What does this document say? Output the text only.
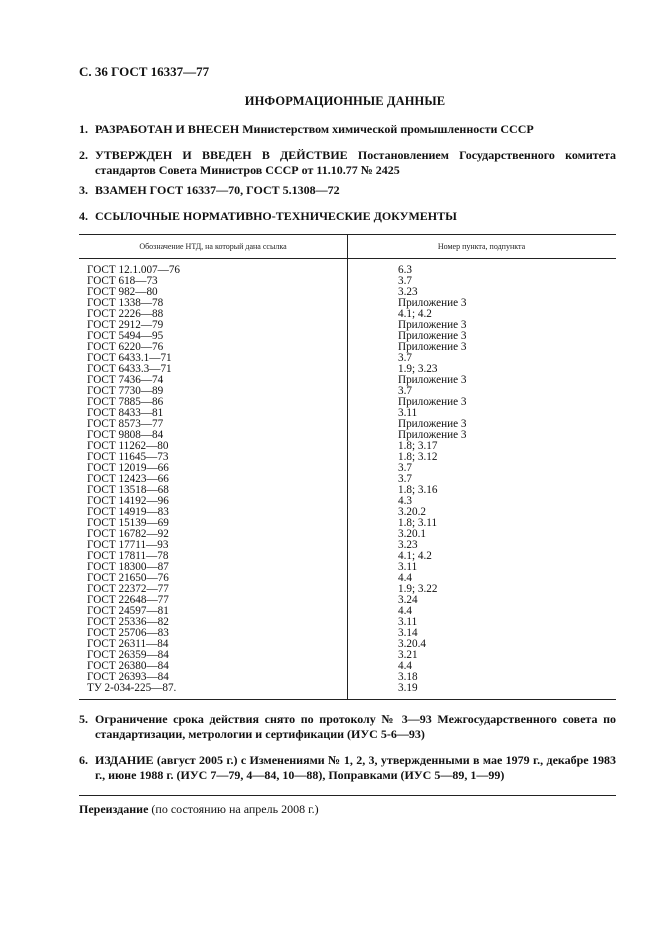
С. 36 ГОСТ 16337—77
ИНФОРМАЦИОННЫЕ ДАННЫЕ
1. РАЗРАБОТАН И ВНЕСЕН Министерством химической промышленности СССР
2. УТВЕРЖДЕН И ВВЕДЕН В ДЕЙСТВИЕ Постановлением Государственного комитета стандартов Совета Министров СССР от 11.10.77 № 2425
3. ВЗАМЕН ГОСТ 16337—70, ГОСТ 5.1308—72
4. ССЫЛОЧНЫЕ НОРМАТИВНО-ТЕХНИЧЕСКИЕ ДОКУМЕНТЫ
Обозначение НТД, на который дана ссылка	Номер пункта, подпункта
ГОСТ 12.1.007—76	6.3
ГОСТ 618—73	3.7
ГОСТ 982—80	3.23
ГОСТ 1338—78	Приложение 3
ГОСТ 2226—88	4.1; 4.2
ГОСТ 2912—79	Приложение 3
ГОСТ 5494—95	Приложение 3
ГОСТ 6220—76	Приложение 3
ГОСТ 6433.1—71	3.7
ГОСТ 6433.3—71	1.9; 3.23
ГОСТ 7436—74	Приложение 3
ГОСТ 7730—89	3.7
ГОСТ 7885—86	Приложение 3
ГОСТ 8433—81	3.11
ГОСТ 8573—77	Приложение 3
ГОСТ 9808—84	Приложение 3
ГОСТ 11262—80	1.8; 3.17
ГОСТ 11645—73	1.8; 3.12
ГОСТ 12019—66	3.7
ГОСТ 12423—66	3.7
ГОСТ 13518—68	1.8; 3.16
ГОСТ 14192—96	4.3
ГОСТ 14919—83	3.20.2
ГОСТ 15139—69	1.8; 3.11
ГОСТ 16782—92	3.20.1
ГОСТ 17711—93	3.23
ГОСТ 17811—78	4.1; 4.2
ГОСТ 18300—87	3.11
ГОСТ 21650—76	4.4
ГОСТ 22372—77	1.9; 3.22
ГОСТ 22648—77	3.24
ГОСТ 24597—81	4.4
ГОСТ 25336—82	3.11
ГОСТ 25706—83	3.14
ГОСТ 26311—84	3.20.4
ГОСТ 26359—84	3.21
ГОСТ 26380—84	4.4
ГОСТ 26393—84	3.18
ТУ 2-034-225—87.	3.19
5. Ограничение срока действия снято по протоколу № 3—93 Межгосударственного совета по стандартизации, метрологии и сертификации (ИУС 5-6—93)
6. ИЗДАНИЕ (август 2005 г.) с Изменениями № 1, 2, 3, утвержденными в мае 1979 г., декабре 1983 г., июне 1988 г. (ИУС 7—79, 4—84, 10—88), Поправками (ИУС 5—89, 1—99)
Переиздание (по состоянию на апрель 2008 г.)
